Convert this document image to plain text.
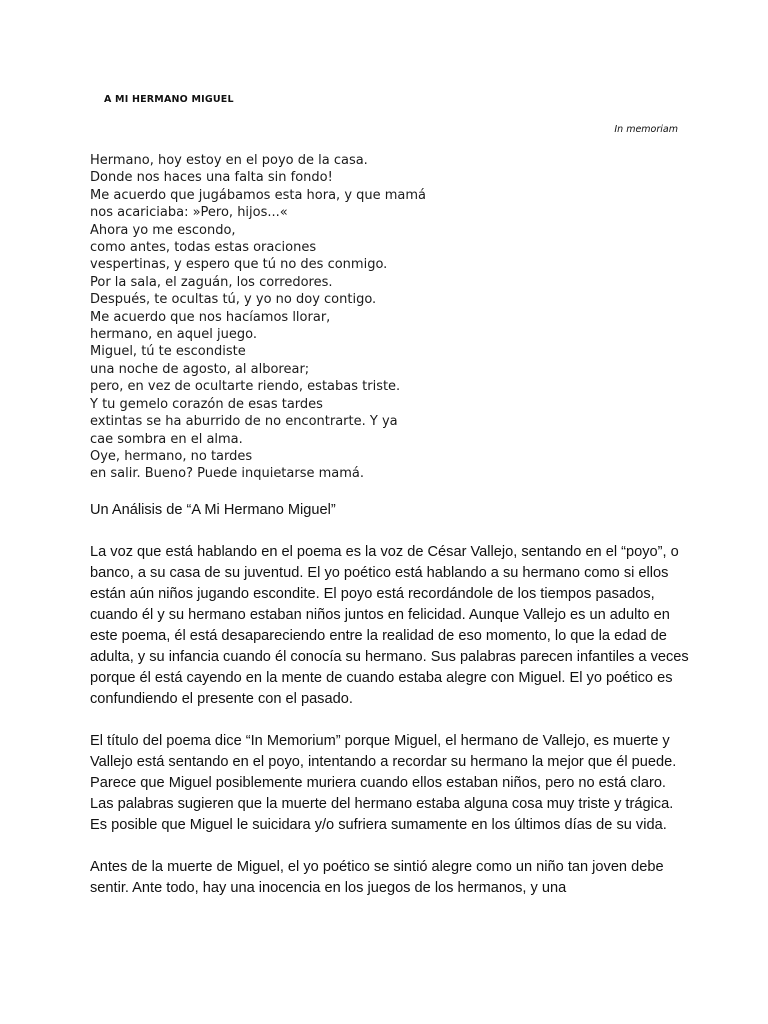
A MI HERMANO MIGUEL
In memoriam
Hermano, hoy estoy en el poyo de la casa.
Donde nos haces una falta sin fondo!
Me acuerdo que jugábamos esta hora, y que mamá
nos acariciaba: »Pero, hijos...«
Ahora yo me escondo,
como antes, todas estas oraciones
vespertinas, y espero que tú no des conmigo.
Por la sala, el zaguán, los corredores.
Después, te ocultas tú, y yo no doy contigo.
Me acuerdo que nos hacíamos llorar,
hermano, en aquel juego.
Miguel, tú te escondiste
una noche de agosto, al alborear;
pero, en vez de ocultarte riendo, estabas triste.
Y tu gemelo corazón de esas tardes
extintas se ha aburrido de no encontrarte. Y ya
cae sombra en el alma.
Oye, hermano, no tardes
en salir. Bueno? Puede inquietarse mamá.
Un Análisis de “A Mi Hermano Miguel”

La voz que está hablando en el poema es la voz de César Vallejo, sentando en el “poyo”, o banco, a su casa de su juventud. El yo poético está hablando a su hermano como si ellos están aún niños jugando escondite. El poyo está recordándole de los tiempos pasados, cuando él y su hermano estaban niños juntos en felicidad. Aunque Vallejo es un adulto en este poema, él está desapareciendo entre la realidad de eso momento, lo que la edad de adulta, y su infancia cuando él conocía su hermano. Sus palabras parecen infantiles a veces porque él está cayendo en la mente de cuando estaba alegre con Miguel. El yo poético es confundiendo el presente con el pasado.

El título del poema dice “In Memorium” porque Miguel, el hermano de Vallejo, es muerte y Vallejo está sentando en el poyo, intentando a recordar su hermano la mejor que él puede. Parece que Miguel posiblemente muriera cuando ellos estaban niños, pero no está claro. Las palabras sugieren que la muerte del hermano estaba alguna cosa muy triste y trágica. Es posible que Miguel le suicidara y/o sufriera sumamente en los últimos días de su vida.

Antes de la muerte de Miguel, el yo poético se sintió alegre como un niño tan joven debe sentir. Ante todo, hay una inocencia en los juegos de los hermanos, y una
